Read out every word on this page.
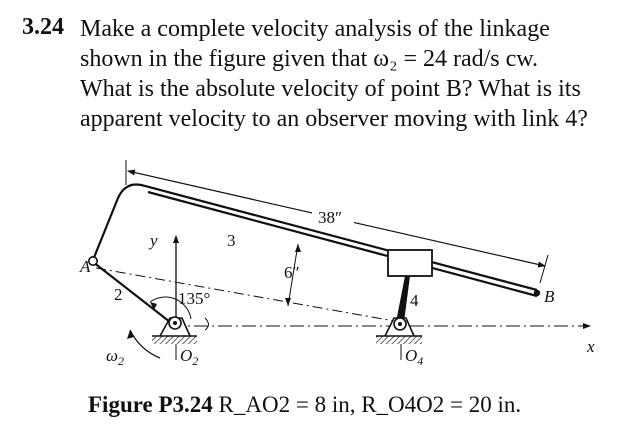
3.24 Make a complete velocity analysis of the linkage
shown in the figure given that ω₂ = 24 rad/s cw.
What is the absolute velocity of point B? What is its
apparent velocity to an observer moving with link 4?
38″
6″
x
y
135°
A
2
3
4	B
$\omega_2$	$O_2$	$O_4$
Figure P3.24 R_AO2 = 8 in, R_O4O2 = 20 in.
